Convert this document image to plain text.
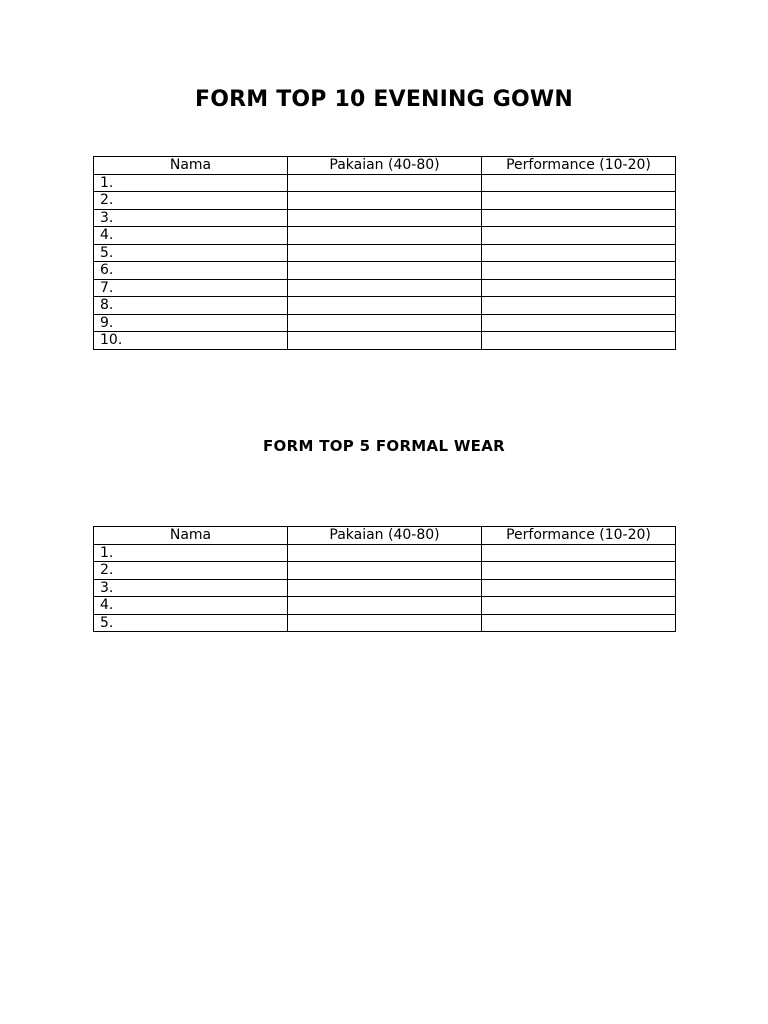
FORM TOP 10 EVENING GOWN
Nama	Pakaian (40-80)	Performance (10-20)
1.		
2.		
3.		
4.		
5.		
6.		
7.		
8.		
9.		
10.		
FORM TOP 5 FORMAL WEAR
Nama	Pakaian (40-80)	Performance (10-20)
1.		
2.		
3.		
4.		
5.		
